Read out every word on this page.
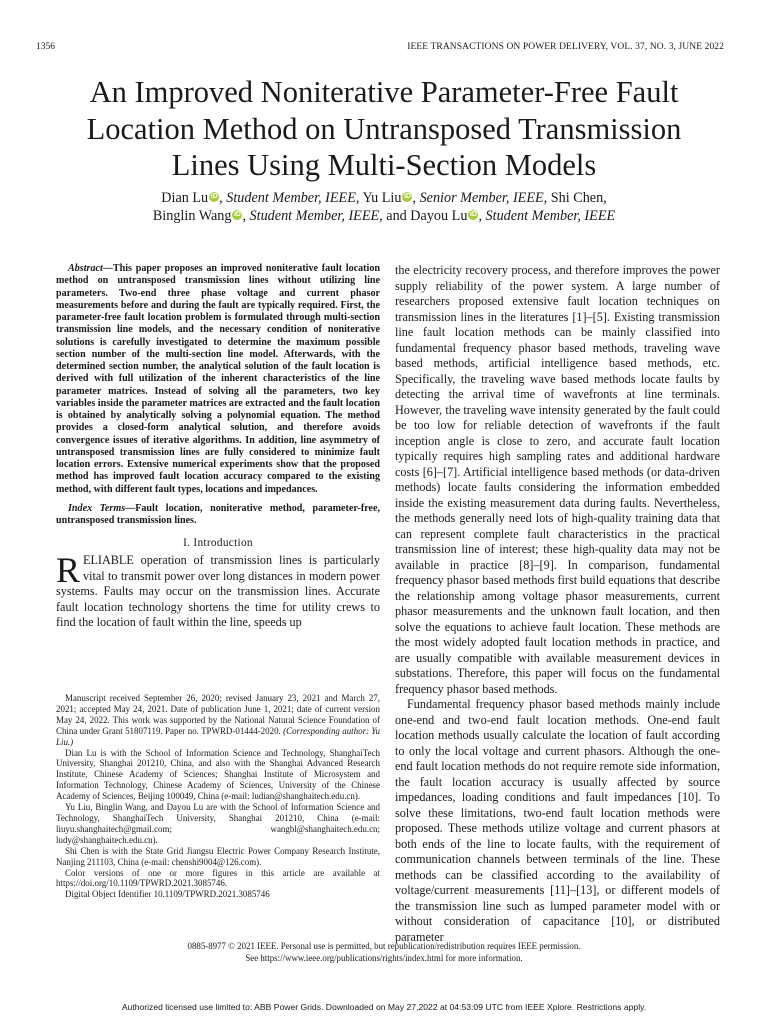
1356	IEEE TRANSACTIONS ON POWER DELIVERY, VOL. 37, NO. 3, JUNE 2022
An Improved Noniterative Parameter-Free Fault
Location Method on Untransposed Transmission
Lines Using Multi-Section Models
Dian Lu iD , Student Member, IEEE, Yu Liu iD , Senior Member, IEEE, Shi Chen,
Binglin Wang iD , Student Member, IEEE, and Dayou Lu iD , Student Member, IEEE
Abstract—This paper proposes an improved noniterative fault location method on untransposed transmission lines without utilizing line parameters. Two-end three phase voltage and current phasor measurements before and during the fault are typically required. First, the parameter-free fault location problem is formulated through multi-section transmission line models, and the necessary condition of noniterative solutions is carefully investigated to determine the maximum possible section number of the multi-section line model. Afterwards, with the determined section number, the analytical solution of the fault location is derived with full utilization of the inherent characteristics of the line parameter matrices. Instead of solving all the parameters, two key variables inside the parameter matrices are extracted and the fault location is obtained by analytically solving a polynomial equation. The method provides a closed-form analytical solution, and therefore avoids convergence issues of iterative algorithms. In addition, line asymmetry of untransposed transmission lines are fully considered to minimize fault location errors. Extensive numerical experiments show that the proposed method has improved fault location accuracy compared to the existing method, with different fault types, locations and impedances.
Index Terms—Fault location, noniterative method, parameter-free, untransposed transmission lines.
I. Introduction
RELIABLE operation of transmission lines is particularly vital to transmit power over long distances in modern power systems. Faults may occur on the transmission lines. Accurate fault location technology shortens the time for utility crews to find the location of fault within the line, speeds up

Manuscript received September 26, 2020; revised January 23, 2021 and March 27, 2021; accepted May 24, 2021. Date of publication June 1, 2021; date of current version May 24, 2022. This work was supported by the National Natural Science Foundation of China under Grant 51807119. Paper no. TPWRD-01444-2020. (Corresponding author: Yu Liu.)

Dian Lu is with the School of Information Science and Technology, ShanghaiTech University, Shanghai 201210, China, and also with the Shanghai Advanced Research Institute, Chinese Academy of Sciences; Shanghai Institute of Microsystem and Information Technology, Chinese Academy of Sciences, University of the Chinese Academy of Sciences, Beijing 100049, China (e-mail: ludian@shanghaitech.edu.cn).

Yu Liu, Binglin Wang, and Dayou Lu are with the School of Information Science and Technology, ShanghaiTech University, Shanghai 201210, China (e-mail: liuyu.shanghaitech@gmail.com; wangbl@shanghaitech.edu.cn; ludy@shanghaitech.edu.cn).

Shi Chen is with the State Grid Jiangsu Electric Power Company Research Institute, Nanjing 211103, China (e-mail: chenshi9004@126.com).

Color versions of one or more figures in this article are available at https://doi.org/10.1109/TPWRD.2021.3085746.

Digital Object Identifier 10.1109/TPWRD.2021.3085746

the electricity recovery process, and therefore improves the power supply reliability of the power system. A large number of researchers proposed extensive fault location techniques on transmission lines in the literatures [1]–[5]. Existing transmission line fault location methods can be mainly classified into fundamental frequency phasor based methods, traveling wave based methods, artificial intelligence based methods, etc. Specifically, the traveling wave based methods locate faults by detecting the arrival time of wavefronts at line terminals. However, the traveling wave intensity generated by the fault could be too low for reliable detection of wavefronts if the fault inception angle is close to zero, and accurate fault location typically requires high sampling rates and additional hardware costs [6]–[7]. Artificial intelligence based methods (or data-driven methods) locate faults considering the information embedded inside the existing measurement data during faults. Nevertheless, the methods generally need lots of high-quality training data that can represent complete fault characteristics in the practical transmission line of interest; these high-quality data may not be available in practice [8]–[9]. In comparison, fundamental frequency phasor based methods first build equations that describe the relationship among voltage phasor measurements, current phasor measurements and the unknown fault location, and then solve the equations to achieve fault location. These methods are the most widely adopted fault location methods in practice, and are usually compatible with available measurement devices in substations. Therefore, this paper will focus on the fundamental frequency phasor based methods.

Fundamental frequency phasor based methods mainly include one-end and two-end fault location methods. One-end fault location methods usually calculate the location of fault according to only the local voltage and current phasors. Although the one-end fault location methods do not require remote side information, the fault location accuracy is usually affected by source impedances, loading conditions and fault impedances [10]. To solve these limitations, two-end fault location methods were proposed. These methods utilize voltage and current phasors at both ends of the line to locate faults, with the requirement of communication channels between terminals of the line. These methods can be classified according to the availability of voltage/current measurements [11]–[13], or different models of the transmission line such as lumped parameter model with or without consideration of capacitance [10], or distributed parameter

0885-8977 © 2021 IEEE. Personal use is permitted, but republication/redistribution requires IEEE permission.
See https://www.ieee.org/publications/rights/index.html for more information.
Authorized licensed use limited to: ABB Power Grids. Downloaded on May 27,2022 at 04:53:09 UTC from IEEE Xplore. Restrictions apply.
